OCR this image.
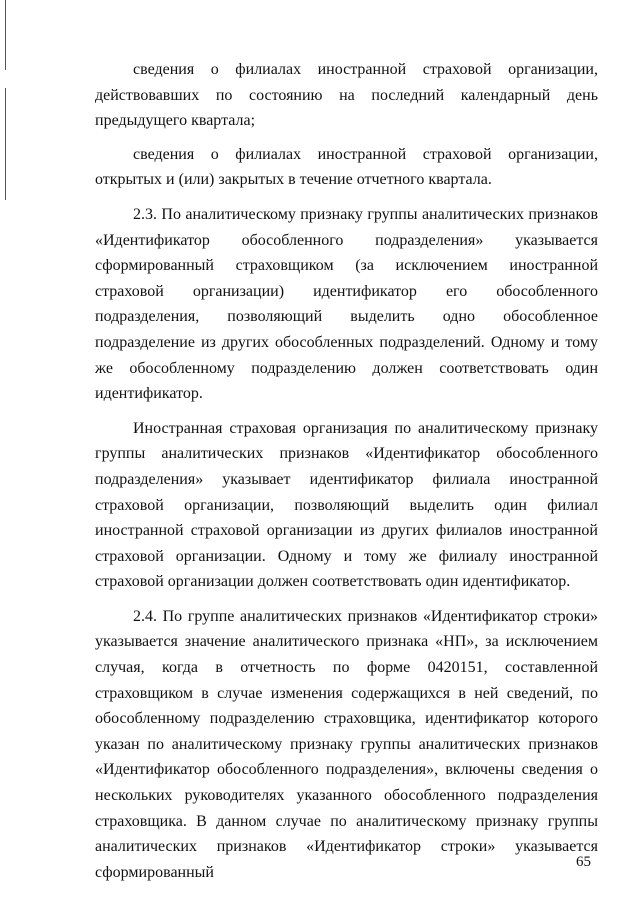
сведения о филиалах иностранной страховой организации, действовавших по состоянию на последний календарный день предыдущего квартала;

сведения о филиалах иностранной страховой организации, открытых и (или) закрытых в течение отчетного квартала.

2.3. По аналитическому признаку группы аналитических признаков «Идентификатор обособленного подразделения» указывается сформированный страховщиком (за исключением иностранной страховой организации) идентификатор его обособленного подразделения, позволяющий выделить одно обособленное подразделение из других обособленных подразделений. Одному и тому же обособленному подразделению должен соответствовать один идентификатор.

Иностранная страховая организация по аналитическому признаку группы аналитических признаков «Идентификатор обособленного подразделения» указывает идентификатор филиала иностранной страховой организации, позволяющий выделить один филиал иностранной страховой организации из других филиалов иностранной страховой организации. Одному и тому же филиалу иностранной страховой организации должен соответствовать один идентификатор.

2.4. По группе аналитических признаков «Идентификатор строки» указывается значение аналитического признака «НП», за исключением случая, когда в отчетность по форме 0420151, составленной страховщиком в случае изменения содержащихся в ней сведений, по обособленному подразделению страховщика, идентификатор которого указан по аналитическому признаку группы аналитических признаков «Идентификатор обособленного подразделения», включены сведения о нескольких руководителях указанного обособленного подразделения страховщика. В данном случае по аналитическому признаку группы аналитических признаков «Идентификатор строки» указывается сформированный

65
